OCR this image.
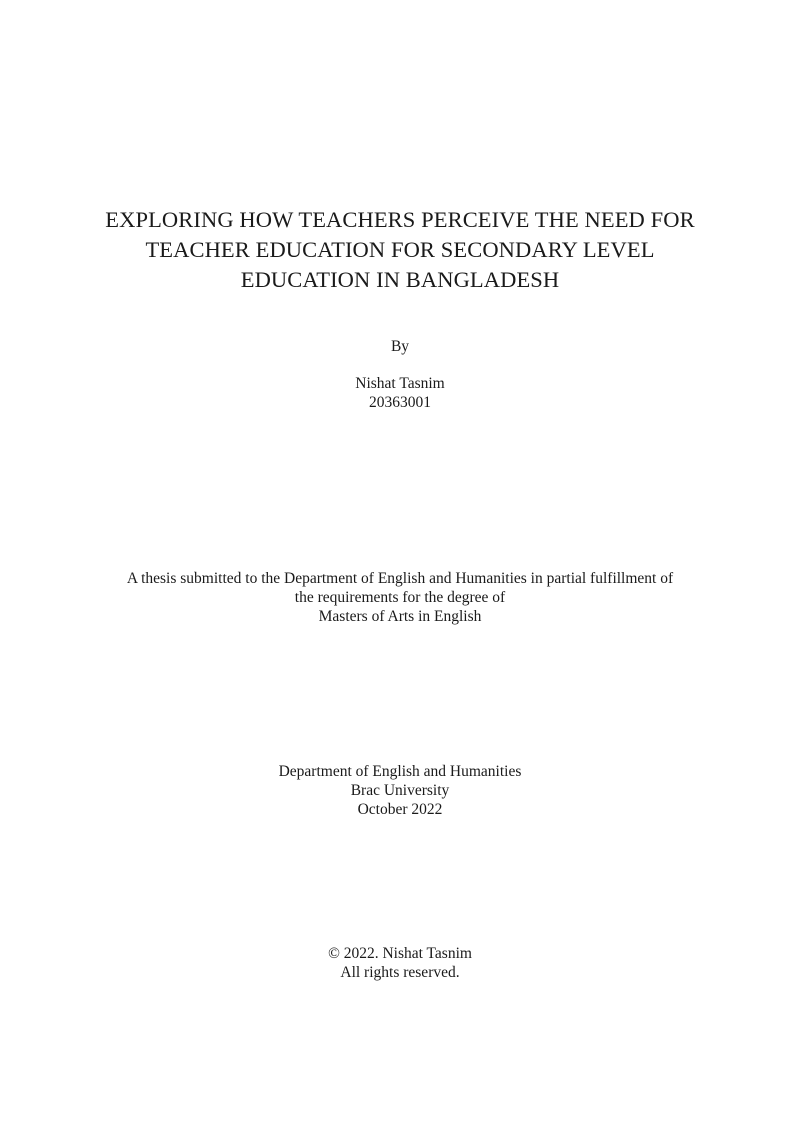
EXPLORING HOW TEACHERS PERCEIVE THE NEED FOR
TEACHER EDUCATION FOR SECONDARY LEVEL
EDUCATION IN BANGLADESH
By
Nishat Tasnim
20363001
A thesis submitted to the Department of English and Humanities in partial fulfillment of
the requirements for the degree of
Masters of Arts in English
Department of English and Humanities
Brac University
October 2022
© 2022. Nishat Tasnim
All rights reserved.
